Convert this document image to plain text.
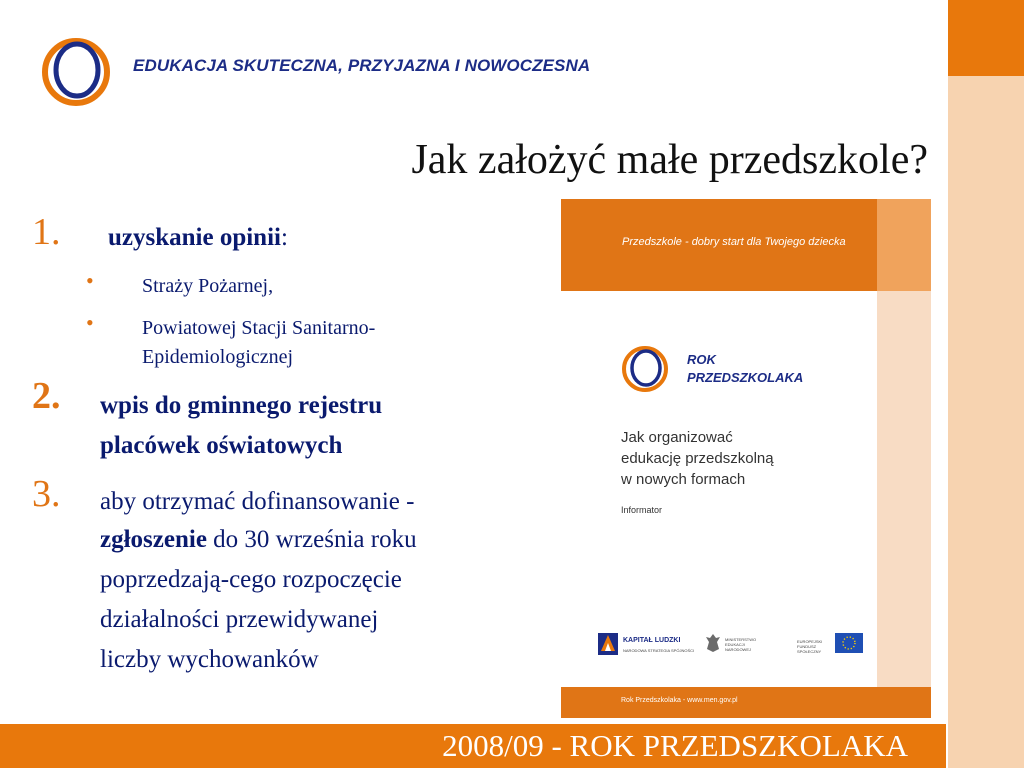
EDUKACJA SKUTECZNA, PRZYJAZNA I NOWOCZESNA
Jak założyć małe przedszkole?
1. uzyskanie opinii:
• Straży Pożarnej,
• Powiatowej Stacji Sanitarno-
Epidemiologicznej
2. wpis do gminnego rejestru
placówek oświatowych
3. aby otrzymać dofinansowanie -
zgłoszenie do 30 września roku
poprzedzają-cego rozpoczęcie
działalności przewidywanej
liczby wychowanków
Przedszkole - dobry start dla Twojego dziecka
ROK
PRZEDSZKOLAKA
Jak organizować
edukację przedszkolną
w nowych formach
Informator
KAPITAŁ LUDZKI
NARODOWA STRATEGIA SPÓJNOŚCI
MINISTERSTWO EDUKACJI NARODOWEJ
EUROPEJSKI FUNDUSZ SPOŁECZNY
Rok Przedszkolaka - www.men.gov.pl
2008/09 - ROK PRZEDSZKOLAKA
